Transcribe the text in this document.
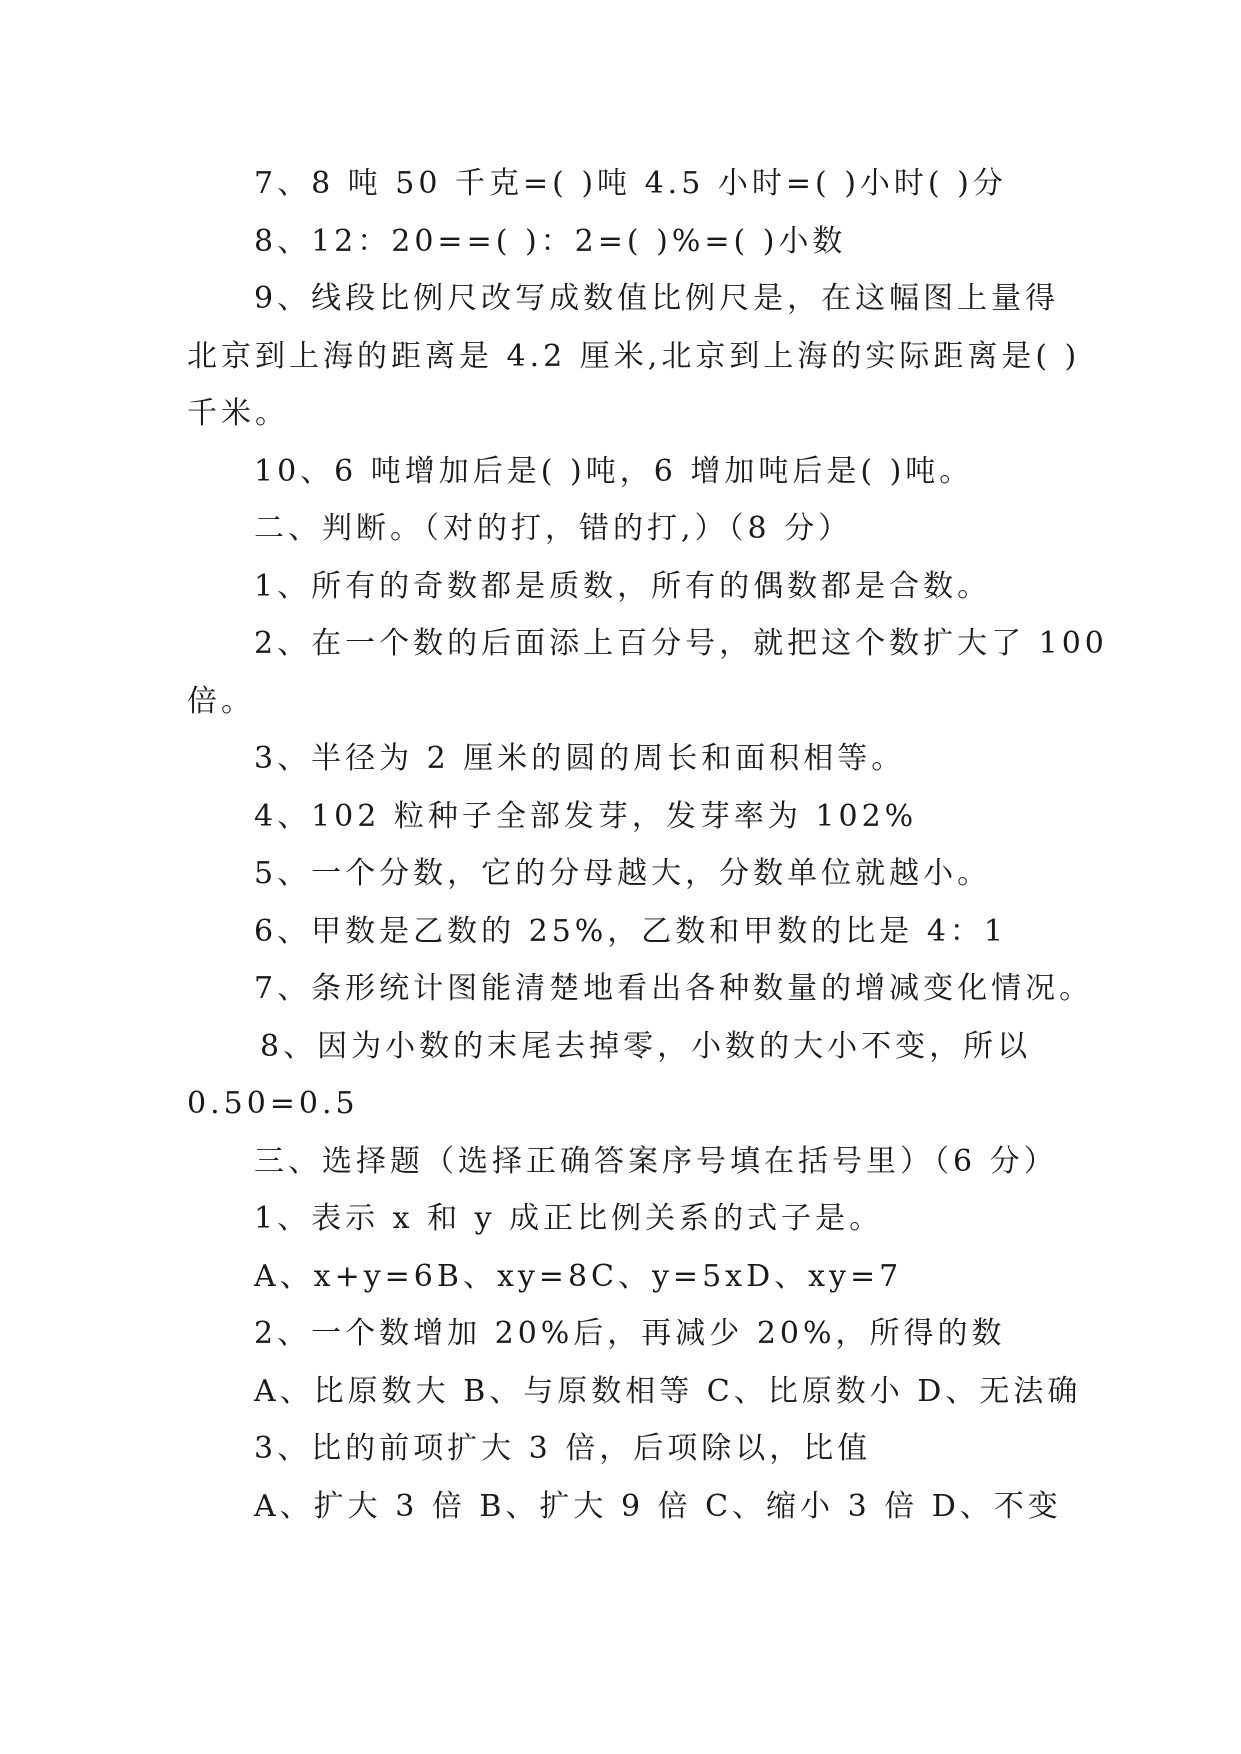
7、8 吨 50 千克=( )吨 4.5 小时=( )小时( )分

8、12：20==( )：2=( )%=( )小数

9、线段比例尺改写成数值比例尺是，在这幅图上量得

北京到上海的距离是 4.2 厘米,北京到上海的实际距离是( )

千米。

10、6 吨增加后是( )吨，6 增加吨后是( )吨。

二、判断。（对的打，错的打,）（8 分）

1、所有的奇数都是质数，所有的偶数都是合数。

2、在一个数的后面添上百分号，就把这个数扩大了 100

倍。

3、半径为 2 厘米的圆的周长和面积相等。

4、102 粒种子全部发芽，发芽率为 102%

5、一个分数，它的分母越大，分数单位就越小。

6、甲数是乙数的 25%，乙数和甲数的比是 4：1

7、条形统计图能清楚地看出各种数量的增减变化情况。

8、因为小数的末尾去掉零，小数的大小不变，所以

0.50=0.5

三、选择题（选择正确答案序号填在括号里）（6 分）

1、表示 x 和 y 成正比例关系的式子是。

A、x+y=6B、xy=8C、y=5xD、xy=7

2、一个数增加 20%后，再减少 20%，所得的数

A、比原数大 B、与原数相等 C、比原数小 D、无法确

3、比的前项扩大 3 倍，后项除以，比值

A、扩大 3 倍 B、扩大 9 倍 C、缩小 3 倍 D、不变
